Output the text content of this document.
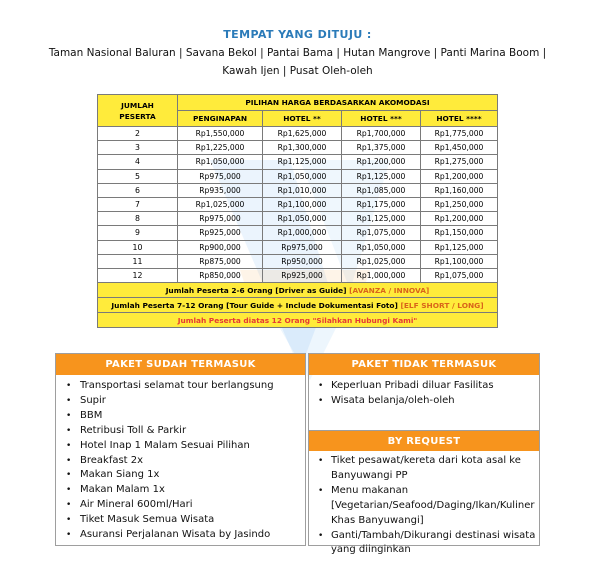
TEMPAT YANG DITUJU :
Taman Nasional Baluran | Savana Bekol | Pantai Bama | Hutan Mangrove | Panti Marina Boom |
Kawah Ijen | Pusat Oleh-oleh
JUMLAH PESERTA	PILIHAN HARGA BERDASARKAN AKOMODASI			
	PENGINAPAN	HOTEL **	HOTEL ***	HOTEL ****
2	Rp1,550,000	Rp1,625,000	Rp1,700,000	Rp1,775,000
3	Rp1,225,000	Rp1,300,000	Rp1,375,000	Rp1,450,000
4	Rp1,050,000	Rp1,125,000	Rp1,200,000	Rp1,275,000
5	Rp975,000	Rp1,050,000	Rp1,125,000	Rp1,200,000
6	Rp935,000	Rp1,010,000	Rp1,085,000	Rp1,160,000
7	Rp1,025,000	Rp1,100,000	Rp1,175,000	Rp1,250,000
8	Rp975,000	Rp1,050,000	Rp1,125,000	Rp1,200,000
9	Rp925,000	Rp1,000,000	Rp1,075,000	Rp1,150,000
10	Rp900,000	Rp975,000	Rp1,050,000	Rp1,125,000
11	Rp875,000	Rp950,000	Rp1,025,000	Rp1,100,000
12	Rp850,000	Rp925,000	Rp1,000,000	Rp1,075,000
Jumlah Peserta 2-6 Orang [Driver as Guide] [AVANZA / INNOVA]				
Jumlah Peserta 7-12 Orang [Tour Guide + Include Dokumentasi Foto] [ELF SHORT / LONG]				
Jumlah Peserta diatas 12 Orang "Silahkan Hubungi Kami"				
PAKET SUDAH TERMASUK
• Transportasi selamat tour berlangsung
• Supir
• BBM
• Retribusi Toll & Parkir
• Hotel Inap 1 Malam Sesuai Pilihan
• Breakfast 2x
• Makan Siang 1x
• Makan Malam 1x
• Air Mineral 600ml/Hari
• Tiket Masuk Semua Wisata
• Asuransi Perjalanan Wisata by Jasindo
PAKET TIDAK TERMASUK
• Keperluan Pribadi diluar Fasilitas
• Wisata belanja/oleh-oleh
BY REQUEST
• Tiket pesawat/kereta dari kota asal ke Banyuwangi PP
• Menu makanan [Vegetarian/Seafood/Daging/Ikan/Kuliner Khas Banyuwangi]
• Ganti/Tambah/Dikurangi destinasi wisata yang diinginkan
